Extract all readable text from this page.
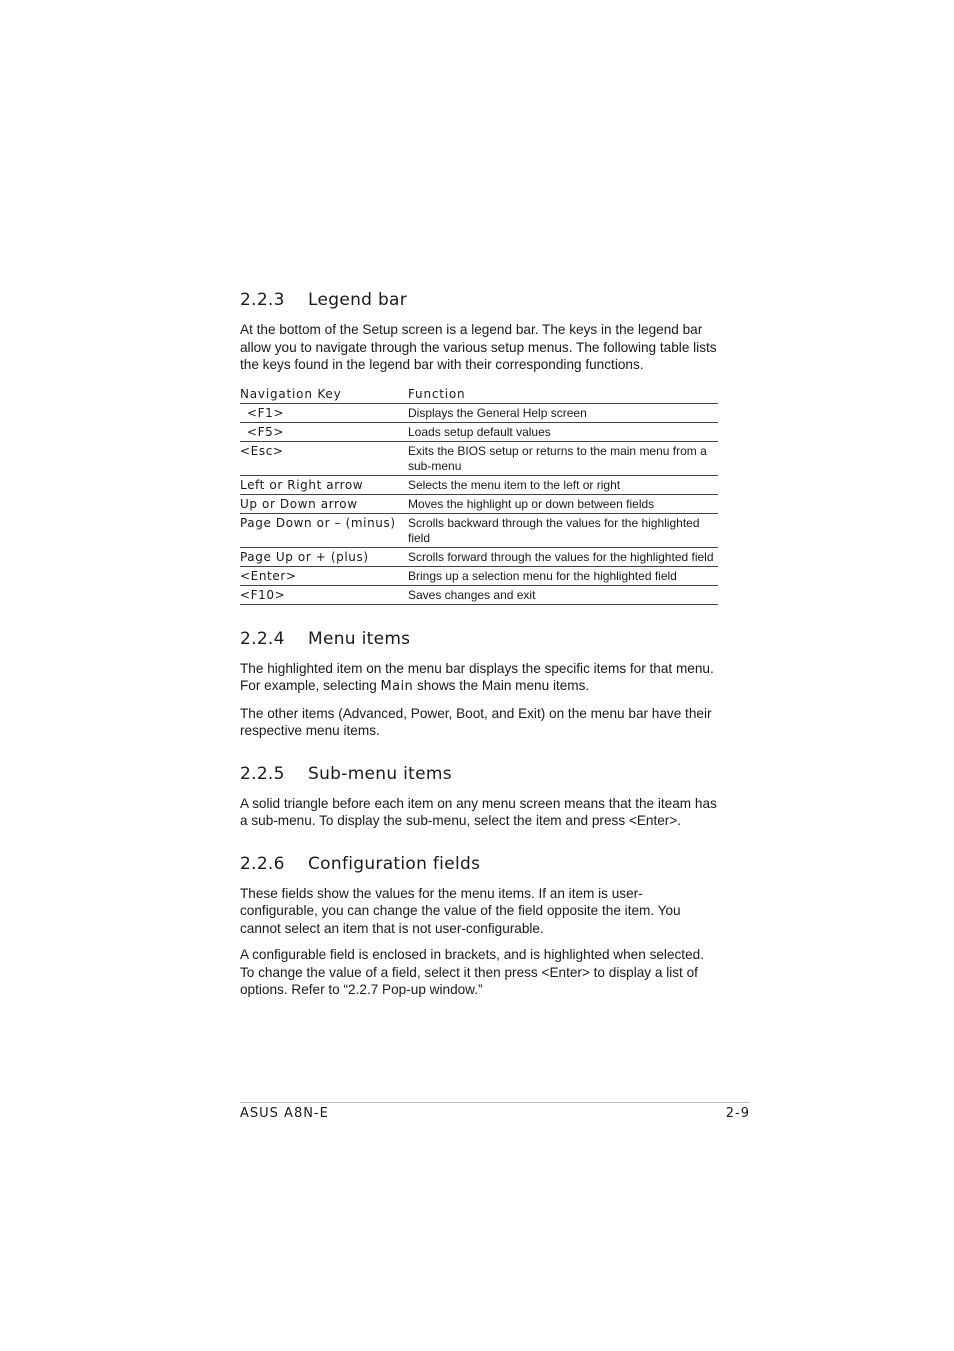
2.2.3 Legend bar

At the bottom of the Setup screen is a legend bar. The keys in the legend bar allow you to navigate through the various setup menus. The following table lists the keys found in the legend bar with their corresponding functions.

Navigation Key	Function
<F1>	Displays the General Help screen
<F5>	Loads setup default values
<Esc>	Exits the BIOS setup or returns to the main menu from a sub-menu
Left or Right arrow	Selects the menu item to the left or right
Up or Down arrow	Moves the highlight up or down between fields
Page Down or – (minus)	Scrolls backward through the values for the highlighted field
Page Up or + (plus)	Scrolls forward through the values for the highlighted field
<Enter>	Brings up a selection menu for the highlighted field
<F10>	Saves changes and exit
2.2.4 Menu items

The highlighted item on the menu bar displays the specific items for that menu. For example, selecting Main shows the Main menu items.

The other items (Advanced, Power, Boot, and Exit) on the menu bar have their respective menu items.

2.2.5 Sub-menu items

A solid triangle before each item on any menu screen means that the iteam has a sub-menu. To display the sub-menu, select the item and press <Enter>.

2.2.6 Configuration fields

These fields show the values for the menu items. If an item is user-configurable, you can change the value of the field opposite the item. You cannot select an item that is not user-configurable.

A configurable field is enclosed in brackets, and is highlighted when selected. To change the value of a field, select it then press <Enter> to display a list of options. Refer to “2.2.7 Pop-up window.”

ASUS A8N-E	2-9
